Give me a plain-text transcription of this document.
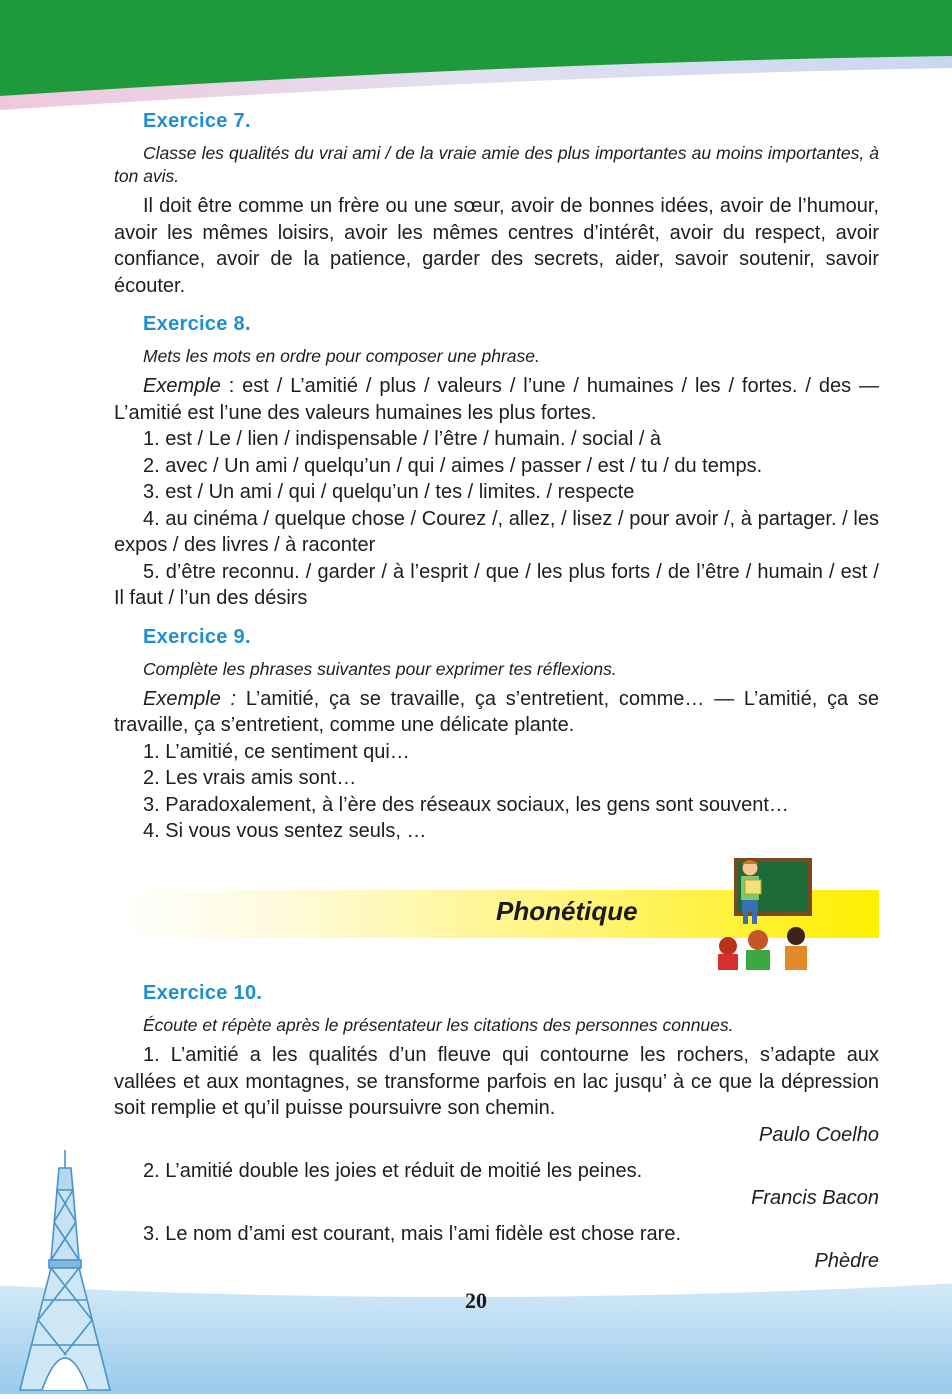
Exercice 7.

Classe les qualités du vrai ami / de la vraie amie des plus importantes au moins importantes, à ton avis.

Il doit être comme un frère ou une sœur, avoir de bonnes idées, avoir de l’humour, avoir les mêmes loisirs, avoir les mêmes centres d’intérêt, avoir du respect, avoir confiance, avoir de la patience, garder des secrets, aider, savoir soutenir, savoir écouter.

Exercice 8.

Mets les mots en ordre pour composer une phrase.

Exemple : est / L’amitié / plus / valeurs / l’une / humaines / les / fortes. / des — L’amitié est l’une des valeurs humaines les plus fortes.

1. est / Le / lien / indispensable / l’être / humain. / social / à

2. avec / Un ami / quelqu’un / qui / aimes / passer / est / tu / du temps.

3. est / Un ami / qui / quelqu’un / tes / limites. / respecte

4. au cinéma / quelque chose / Courez /, allez, / lisez / pour avoir /, à partager. / les expos / des livres / à raconter

5. d’être reconnu. / garder / à l’esprit / que / les plus forts / de l’être / humain / est / Il faut / l’un des désirs

Exercice 9.

Complète les phrases suivantes pour exprimer tes réflexions.

Exemple : L’amitié, ça se travaille, ça s’entretient, comme… — L’amitié, ça se travaille, ça s’entretient, comme une délicate plante.

1. L’amitié, ce sentiment qui…

2. Les vrais amis sont…

3. Paradoxalement, à l’ère des réseaux sociaux, les gens sont souvent…

4. Si vous vous sentez seuls, …

Phonétique
Exercice 10.

Écoute et répète après le présentateur les citations des personnes connues.

1. L’amitié a les qualités d’un fleuve qui contourne les rochers, s’adapte aux vallées et aux montagnes, se transforme parfois en lac jusqu’ à ce que la dépression soit remplie et qu’il puisse poursuivre son chemin.

Paulo Coelho

2. L’amitié double les joies et réduit de moitié les peines.

Francis Bacon

3. Le nom d’ami est courant, mais l’ami fidèle est chose rare.

Phèdre

20
